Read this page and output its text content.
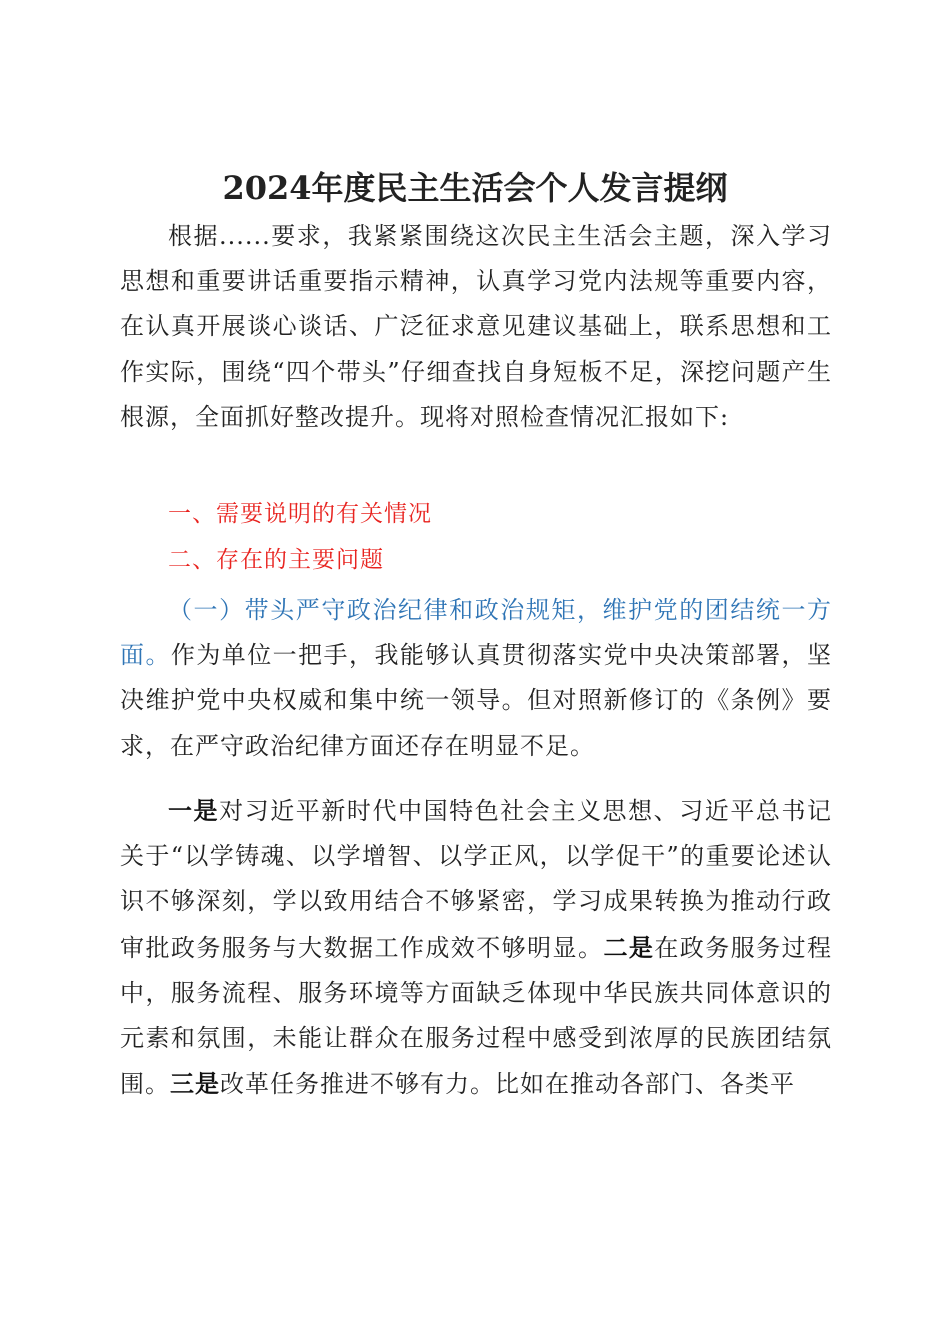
2024年度民主生活会个人发言提纲
根据......要求，我紧紧围绕这次民主生活会主题，深入学习思想和重要讲话重要指示精神，认真学习党内法规等重要内容，在认真开展谈心谈话、广泛征求意见建议基础上，联系思想和工作实际，围绕“四个带头”仔细查找自身短板不足，深挖问题产生根源，全面抓好整改提升。现将对照检查情况汇报如下:
一、需要说明的有关情况
二、存在的主要问题
（一）带头严守政治纪律和政治规矩，维护党的团结统一方面。作为单位一把手，我能够认真贯彻落实党中央决策部署，坚决维护党中央权威和集中统一领导。但对照新修订的《条例》要求，在严守政治纪律方面还存在明显不足。
一是对习近平新时代中国特色社会主义思想、习近平总书记关于“以学铸魂、以学增智、以学正风，以学促干”的重要论述认识不够深刻，学以致用结合不够紧密，学习成果转换为推动行政审批政务服务与大数据工作成效不够明显。二是在政务服务过程中，服务流程、服务环境等方面缺乏体现中华民族共同体意识的元素和氛围，未能让群众在服务过程中感受到浓厚的民族团结氛围。三是改革任务推进不够有力。比如在推动各部门、各类平
